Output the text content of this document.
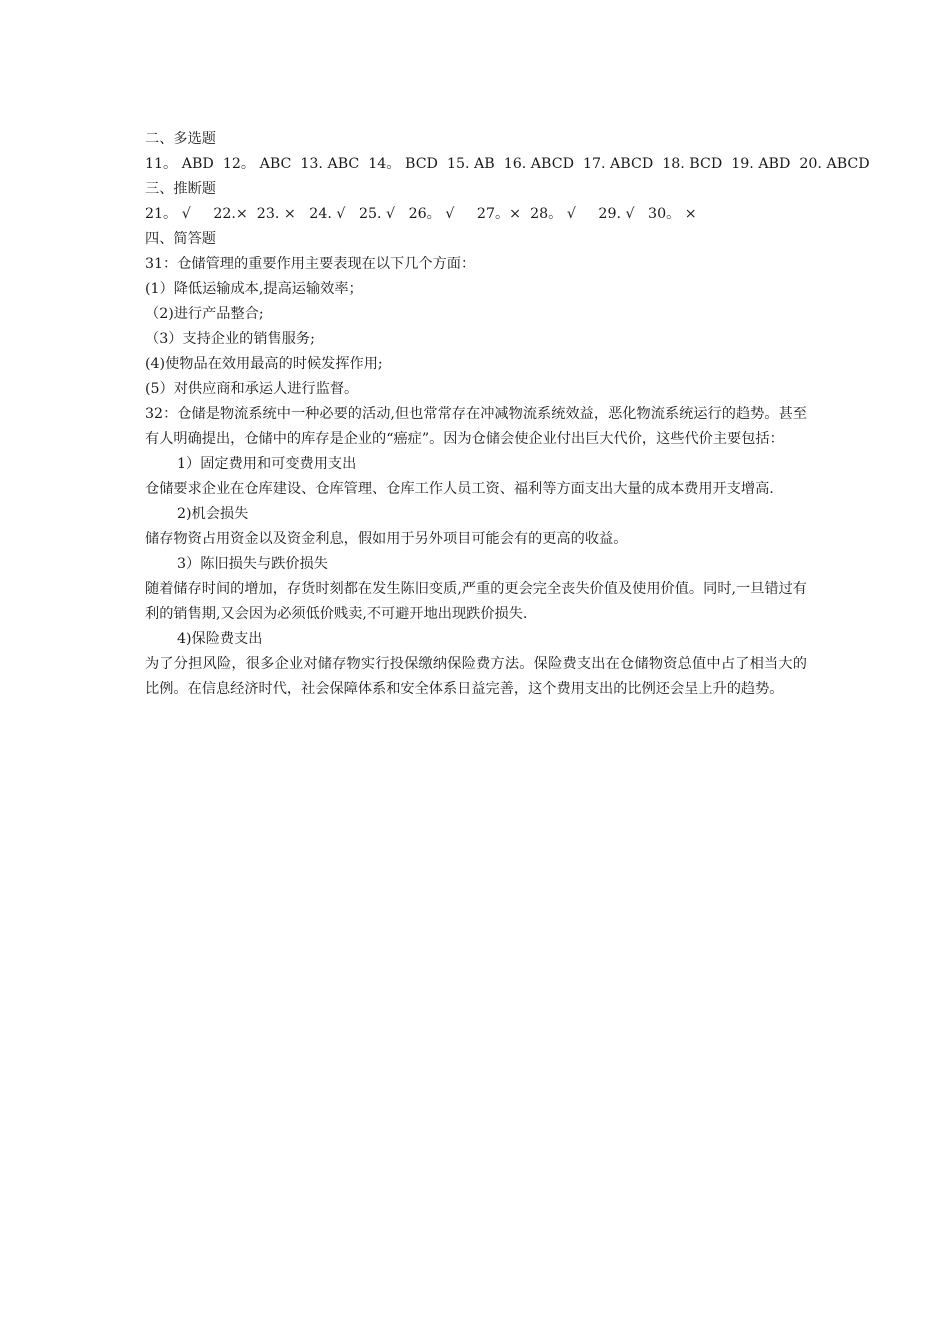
二、多选题
11。 ABD  12。 ABC  13. ABC  14。 BCD  15. AB  16. ABCD  17. ABCD  18. BCD  19. ABD  20. ABCD
三、推断题
21。 √     22.×  23. ×   24. √   25. √   26。 √     27。×  28。 √     29. √   30。 ×
四、简答题
31：仓储管理的重要作用主要表现在以下几个方面：
(1）降低运输成本,提高运输效率；
（2)进行产品整合;
（3）支持企业的销售服务;
(4)使物品在效用最高的时候发挥作用;
(5）对供应商和承运人进行监督。
32：仓储是物流系统中一种必要的活动,但也常常存在冲减物流系统效益，恶化物流系统运行的趋势。甚至有人明确提出，仓储中的库存是企业的“癌症”。因为仓储会使企业付出巨大代价，这些代价主要包括：
1）固定费用和可变费用支出
仓储要求企业在仓库建设、仓库管理、仓库工作人员工资、福利等方面支出大量的成本费用开支增高.
2)机会损失
储存物资占用资金以及资金利息，假如用于另外项目可能会有的更高的收益。
3）陈旧损失与跌价损失
随着储存时间的增加，存货时刻都在发生陈旧变质,严重的更会完全丧失价值及使用价值。同时,一旦错过有利的销售期,又会因为必须低价贱卖,不可避开地出现跌价损失.
4)保险费支出
为了分担风险，很多企业对储存物实行投保缴纳保险费方法。保险费支出在仓储物资总值中占了相当大的比例。在信息经济时代，社会保障体系和安全体系日益完善，这个费用支出的比例还会呈上升的趋势。
